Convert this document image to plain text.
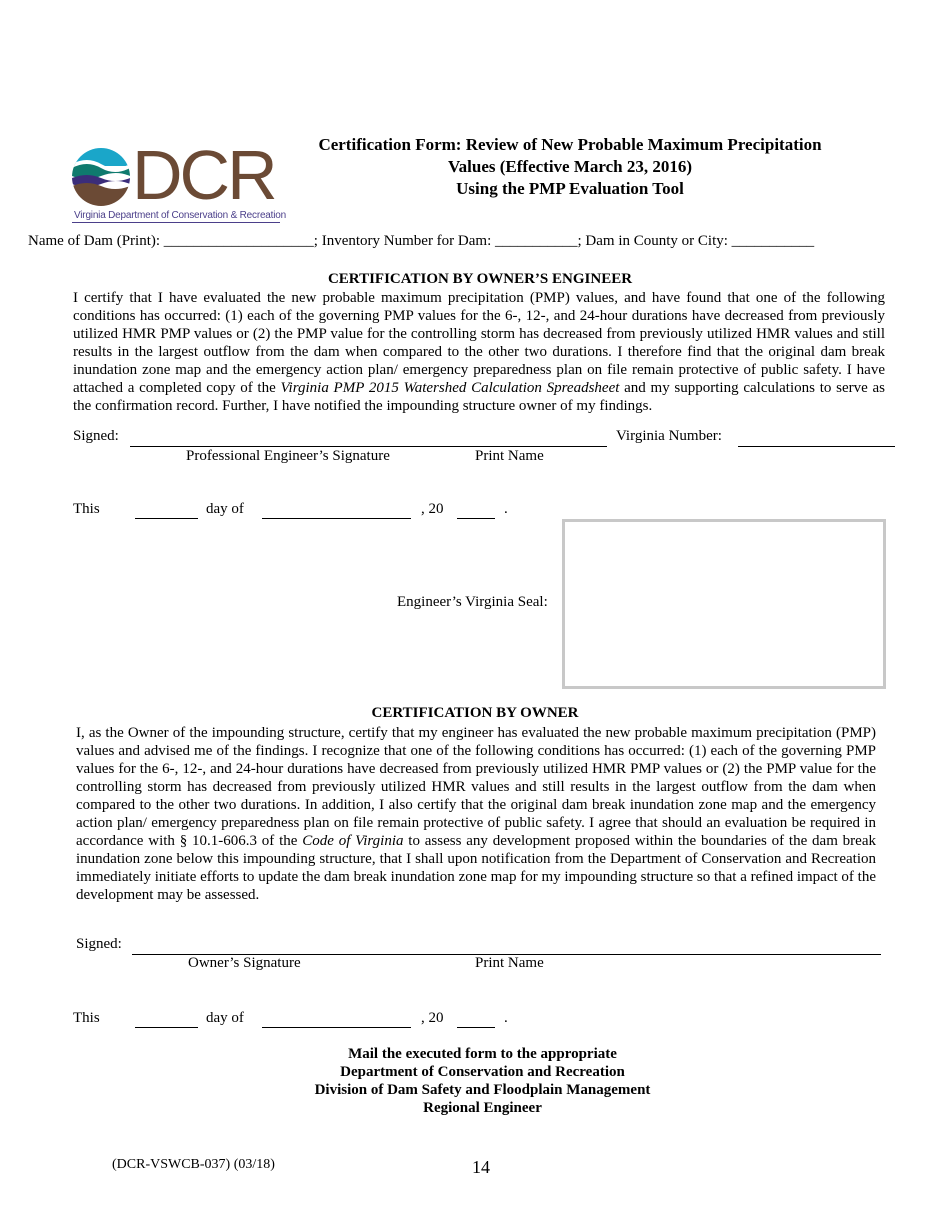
DCR
Virginia Department of Conservation & Recreation
Certification Form: Review of New Probable Maximum Precipitation
Values (Effective March 23, 2016)
Using the PMP Evaluation Tool
Name of Dam (Print): ____________________; Inventory Number for Dam: ___________; Dam in County or City: ___________
CERTIFICATION BY OWNER’S ENGINEER
I certify that I have evaluated the new probable maximum precipitation (PMP) values, and have found that one of the following conditions has occurred: (1) each of the governing PMP values for the 6-, 12-, and 24-hour durations have decreased from previously utilized HMR PMP values or (2) the PMP value for the controlling storm has decreased from previously utilized HMR values and still results in the largest outflow from the dam when compared to the other two durations. I therefore find that the original dam break inundation zone map and the emergency action plan/ emergency preparedness plan on file remain protective of public safety. I have attached a completed copy of the Virginia PMP 2015 Watershed Calculation Spreadsheet and my supporting calculations to serve as the confirmation record. Further, I have notified the impounding structure owner of my findings.
Signed:	Virginia Number:
Professional Engineer’s Signature	Print Name
This	day of	, 20	.
Engineer’s Virginia Seal:
CERTIFICATION BY OWNER
I, as the Owner of the impounding structure, certify that my engineer has evaluated the new probable maximum precipitation (PMP) values and advised me of the findings. I recognize that one of the following conditions has occurred: (1) each of the governing PMP values for the 6-, 12-, and 24-hour durations have decreased from previously utilized HMR PMP values or (2) the PMP value for the controlling storm has decreased from previously utilized HMR values and still results in the largest outflow from the dam when compared to the other two durations. In addition, I also certify that the original dam break inundation zone map and the emergency action plan/ emergency preparedness plan on file remain protective of public safety. I agree that should an evaluation be required in accordance with § 10.1-606.3 of the Code of Virginia to assess any development proposed within the boundaries of the dam break inundation zone below this impounding structure, that I shall upon notification from the Department of Conservation and Recreation immediately initiate efforts to update the dam break inundation zone map for my impounding structure so that a refined impact of the development may be assessed.
Signed:
Owner’s Signature	Print Name
This	day of	, 20	.
Mail the executed form to the appropriate
Department of Conservation and Recreation
Division of Dam Safety and Floodplain Management
Regional Engineer
(DCR-VSWCB-037) (03/18)	14
